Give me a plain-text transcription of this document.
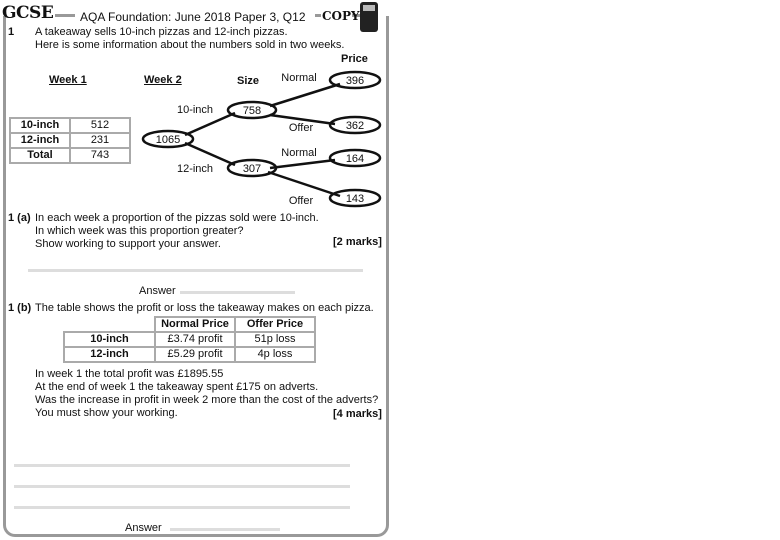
GCSE AQA Foundation: June 2018 Paper 3, Q12 COPY
1 A takeaway sells 10-inch pizzas and 12-inch pizzas.
Here is some information about the numbers sold in two weeks.
Price
Week 1	Week 2	Size
10-inch	512
12-inch	231
Total	743
396
758
362
1065
164
307
143
10-inch
12-inch
Normal
Offer
Normal
Offer
1 (a) In each week a proportion of the pizzas sold were 10-inch.
In which week was this proportion greater?
Show working to support your answer.	[2 marks]
Answer
1 (b) The table shows the profit or loss the takeaway makes on each pizza.
	Normal Price	Offer Price
10-inch	£3.74 profit	51p loss
12-inch	£5.29 profit	4p loss
In week 1 the total profit was £1895.55
At the end of week 1 the takeaway spent £175 on adverts.
Was the increase in profit in week 2 more than the cost of the adverts?
You must show your working.	[4 marks]
Answer
